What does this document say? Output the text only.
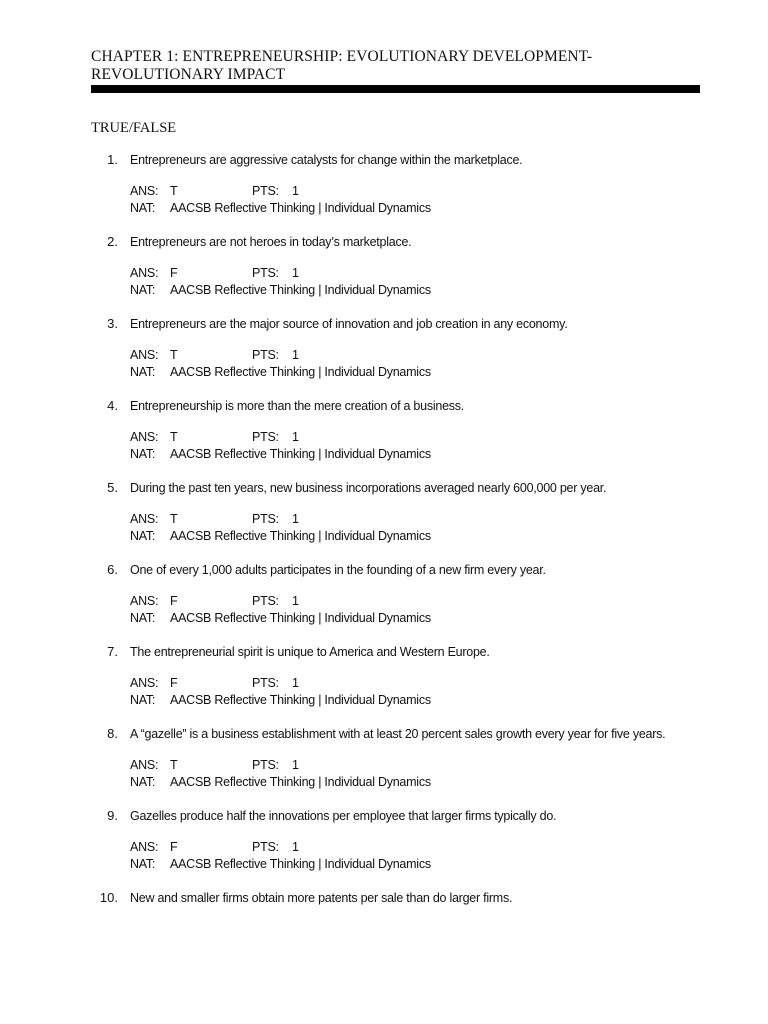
CHAPTER 1: ENTREPRENEURSHIP: EVOLUTIONARY DEVELOPMENT-
REVOLUTIONARY IMPACT
TRUE/FALSE
1. Entrepreneurs are aggressive catalysts for change within the marketplace.
ANS: T	PTS: 1
NAT: AACSB Reflective Thinking | Individual Dynamics
2. Entrepreneurs are not heroes in today’s marketplace.
ANS: F	PTS: 1
NAT: AACSB Reflective Thinking | Individual Dynamics
3. Entrepreneurs are the major source of innovation and job creation in any economy.
ANS: T	PTS: 1
NAT: AACSB Reflective Thinking | Individual Dynamics
4. Entrepreneurship is more than the mere creation of a business.
ANS: T	PTS: 1
NAT: AACSB Reflective Thinking | Individual Dynamics
5. During the past ten years, new business incorporations averaged nearly 600,000 per year.
ANS: T	PTS: 1
NAT: AACSB Reflective Thinking | Individual Dynamics
6. One of every 1,000 adults participates in the founding of a new firm every year.
ANS: F	PTS: 1
NAT: AACSB Reflective Thinking | Individual Dynamics
7. The entrepreneurial spirit is unique to America and Western Europe.
ANS: F	PTS: 1
NAT: AACSB Reflective Thinking | Individual Dynamics
8. A “gazelle” is a business establishment with at least 20 percent sales growth every year for five years.
ANS: T	PTS: 1
NAT: AACSB Reflective Thinking | Individual Dynamics
9. Gazelles produce half the innovations per employee that larger firms typically do.
ANS: F	PTS: 1
NAT: AACSB Reflective Thinking | Individual Dynamics
10. New and smaller firms obtain more patents per sale than do larger firms.
